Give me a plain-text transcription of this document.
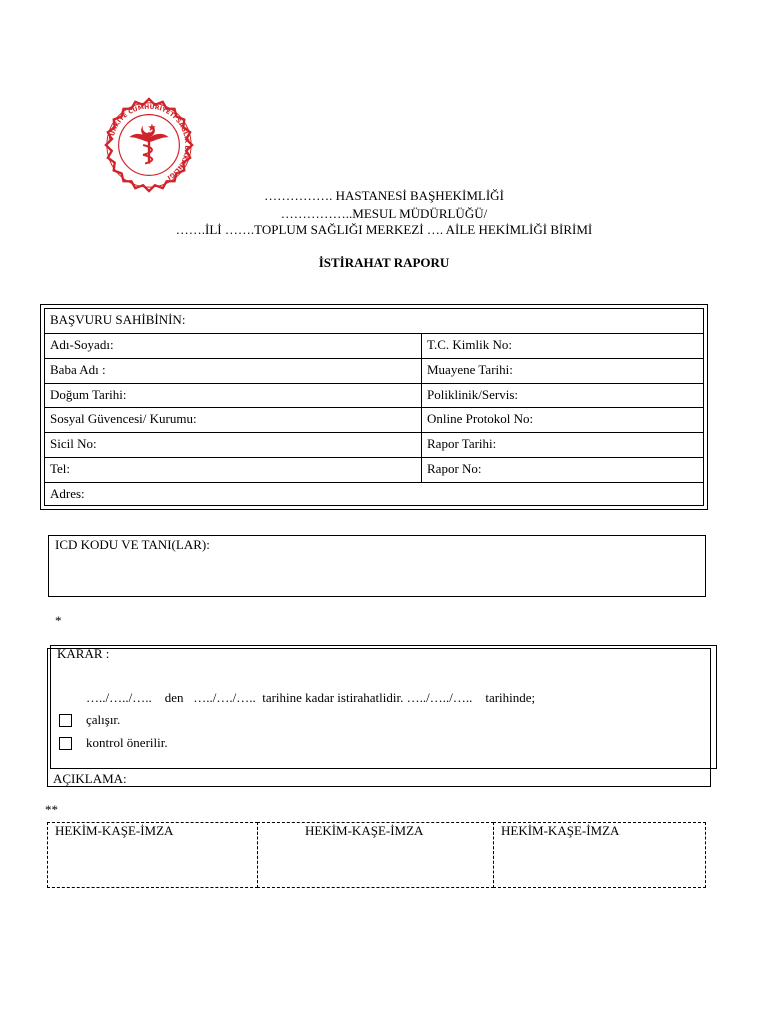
TÜRKİYE CUMHURİYETİ SAĞLIK BAKANLIĞI
……………. HASTANESİ BAŞHEKİMLİĞİ
……………..MESUL MÜDÜRLÜĞÜ/
…….İLİ …….TOPLUM SAĞLIĞI MERKEZİ …. AİLE HEKİMLİĞİ BİRİMİ
İSTİRAHAT RAPORU
BAŞVURU SAHİBİNİN:
Adı-Soyadı:	T.C. Kimlik No:
Baba Adı :	Muayene Tarihi:
Doğum Tarihi:	Poliklinik/Servis:
Sosyal Güvencesi/ Kurumu:	Online Protokol No:
Sicil No:	Rapor Tarihi:
Tel:	Rapor No:
Adres:
ICD KODU VE TANI(LAR):
*
KARAR :
…../…../…..    den   …../…./…..  tarihine kadar istirahatlidir. …../…../…..    tarihinde;
çalışır.
kontrol önerilir.
AÇIKLAMA:
**
HEKİM-KAŞE-İMZA	HEKİM-KAŞE-İMZA	HEKİM-KAŞE-İMZA
